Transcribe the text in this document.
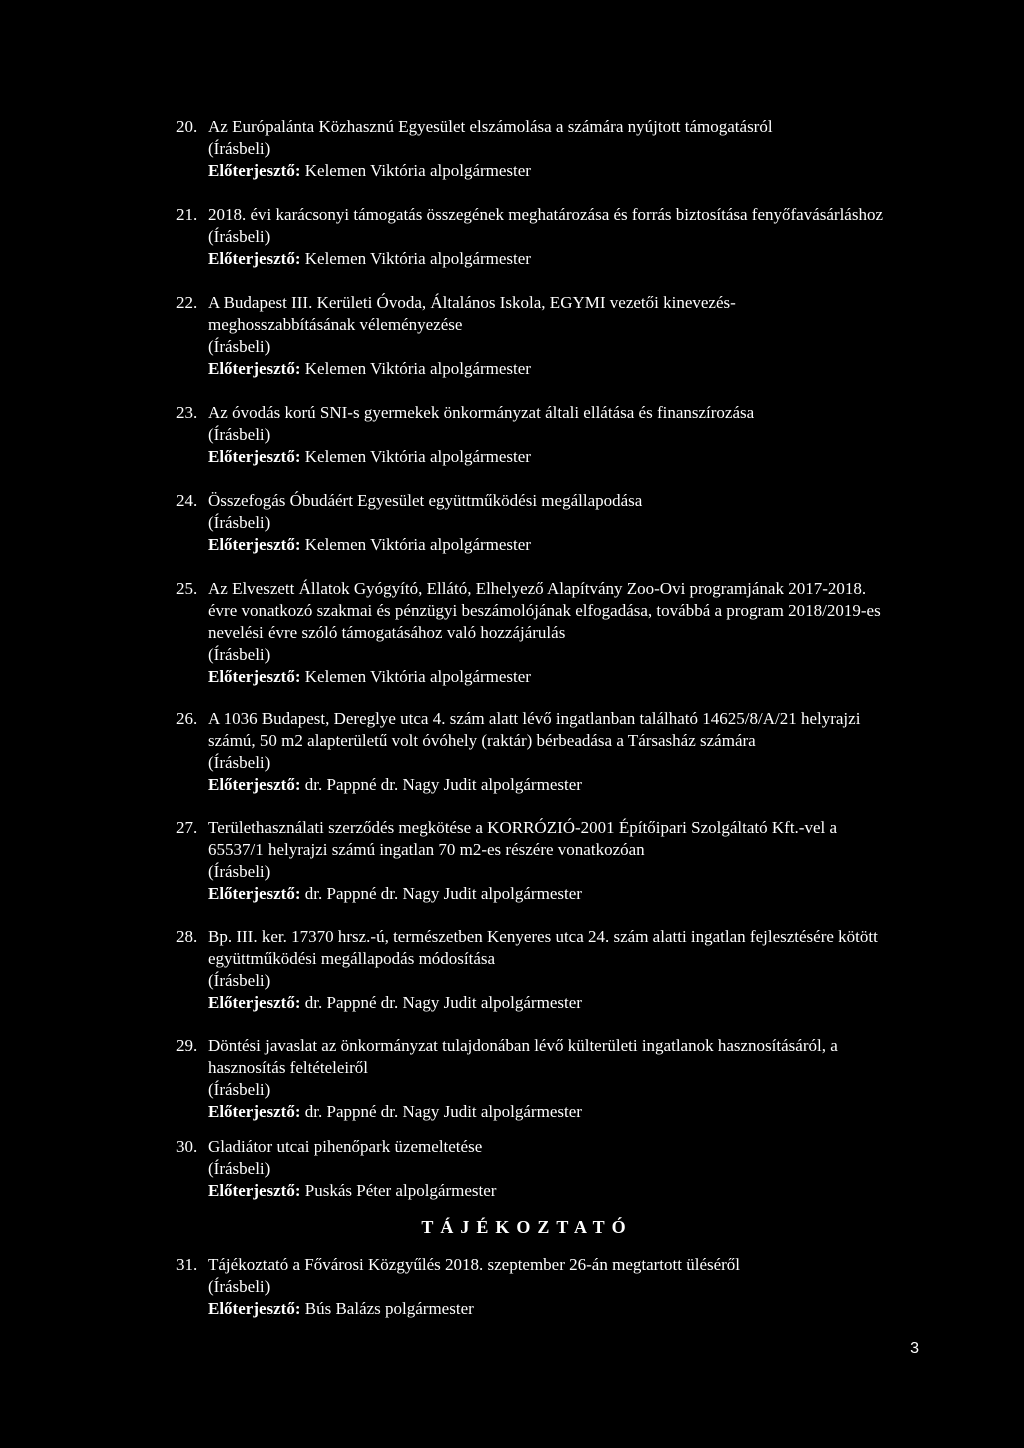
20. Az Európalánta Közhasznú Egyesület elszámolása a számára nyújtott támogatásról
(Írásbeli)
Előterjesztő: Kelemen Viktória alpolgármester
21. 2018. évi karácsonyi támogatás összegének meghatározása és forrás biztosítása fenyőfavásárláshoz
(Írásbeli)
Előterjesztő: Kelemen Viktória alpolgármester
22. A Budapest III. Kerületi Óvoda, Általános Iskola, EGYMI vezetői kinevezés-
meghosszabbításának véleményezése
(Írásbeli)
Előterjesztő: Kelemen Viktória alpolgármester
23. Az óvodás korú SNI-s gyermekek önkormányzat általi ellátása és finanszírozása
(Írásbeli)
Előterjesztő: Kelemen Viktória alpolgármester
24. Összefogás Óbudáért Egyesület együttműködési megállapodása
(Írásbeli)
Előterjesztő: Kelemen Viktória alpolgármester
25. Az Elveszett Állatok Gyógyító, Ellátó, Elhelyező Alapítvány Zoo-Ovi programjának 2017-2018.
évre vonatkozó szakmai és pénzügyi beszámolójának elfogadása, továbbá a program 2018/2019-es
nevelési évre szóló támogatásához való hozzájárulás
(Írásbeli)
Előterjesztő: Kelemen Viktória alpolgármester
26. A 1036 Budapest, Dereglye utca 4. szám alatt lévő ingatlanban található 14625/8/A/21 helyrajzi
számú, 50 m2 alapterületű volt óvóhely (raktár) bérbeadása a Társasház számára
(Írásbeli)
Előterjesztő: dr. Pappné dr. Nagy Judit alpolgármester
27. Területhasználati szerződés megkötése a KORRÓZIÓ-2001 Építőipari Szolgáltató Kft.-vel a
65537/1 helyrajzi számú ingatlan 70 m2-es részére vonatkozóan
(Írásbeli)
Előterjesztő: dr. Pappné dr. Nagy Judit alpolgármester
28. Bp. III. ker. 17370 hrsz.-ú, természetben Kenyeres utca 24. szám alatti ingatlan fejlesztésére kötött
együttműködési megállapodás módosítása
(Írásbeli)
Előterjesztő: dr. Pappné dr. Nagy Judit alpolgármester
29. Döntési javaslat az önkormányzat tulajdonában lévő külterületi ingatlanok hasznosításáról, a
hasznosítás feltételeiről
(Írásbeli)
Előterjesztő: dr. Pappné dr. Nagy Judit alpolgármester
30. Gladiátor utcai pihenőpark üzemeltetése
(Írásbeli)
Előterjesztő: Puskás Péter alpolgármester
TÁJÉKOZTATÓ
31. Tájékoztató a Fővárosi Közgyűlés 2018. szeptember 26-án megtartott üléséről
(Írásbeli)
Előterjesztő: Bús Balázs polgármester
3
